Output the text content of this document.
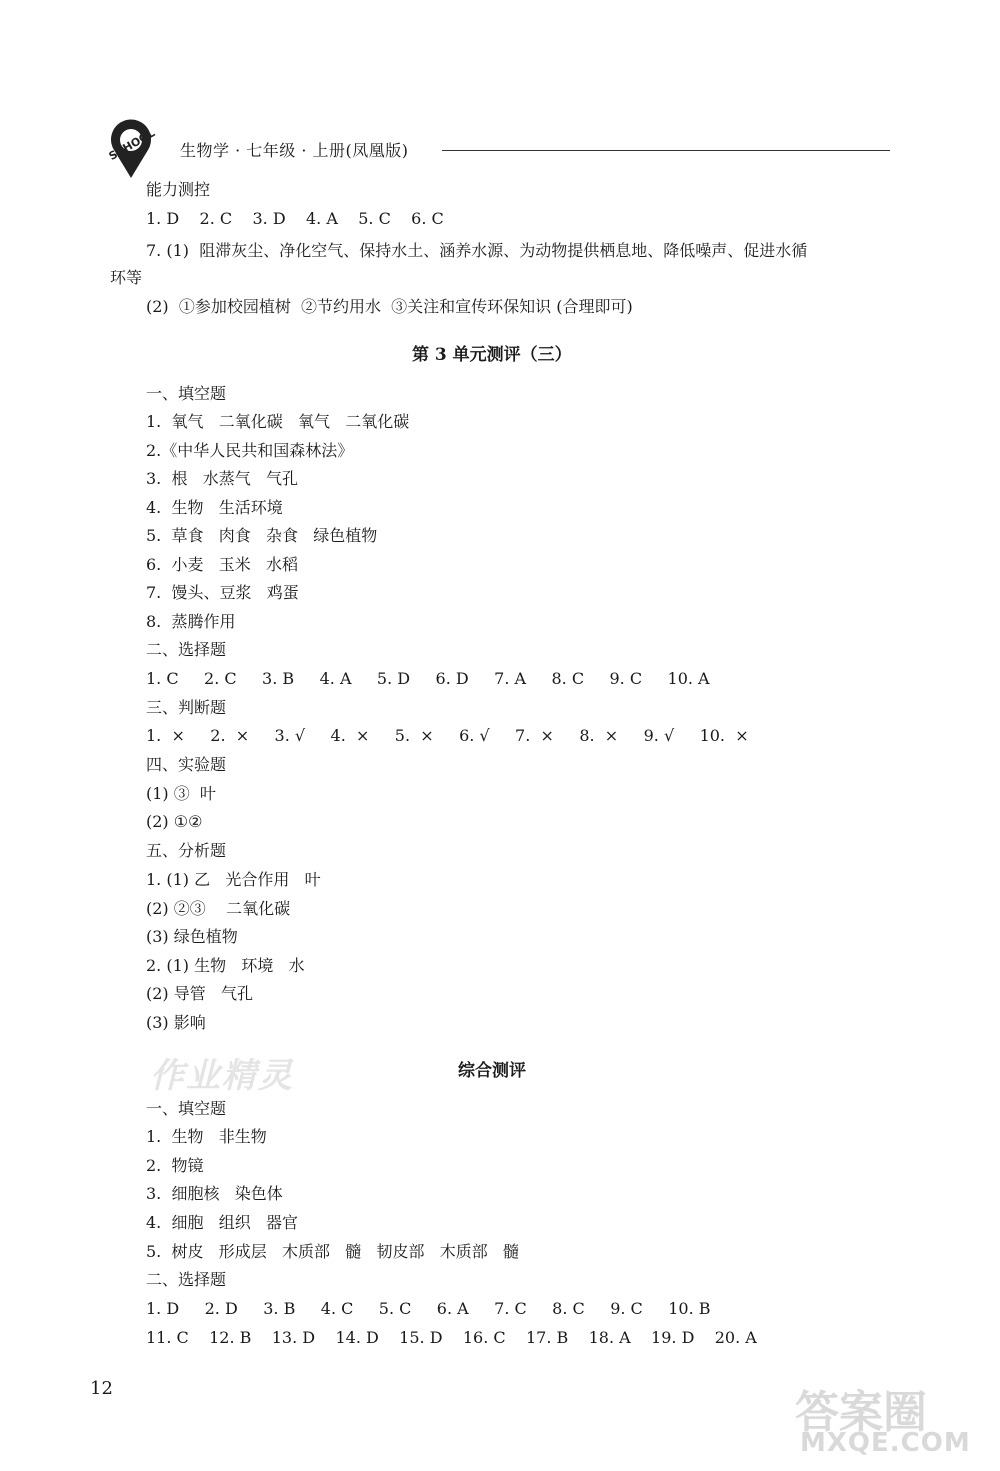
SCHOOL 生物学 · 七年级 · 上册(凤凰版)
能力测控
1. D    2. C    3. D    4. A    5. C    6. C
7. (1)  阻滞灰尘、净化空气、保持水土、涵养水源、为动物提供栖息地、降低噪声、促进水循
环等
(2)  ①参加校园植树  ②节约用水  ③关注和宣传环保知识 (合理即可)
第 3 单元测评（三）
一、填空题
1.  氧气   二氧化碳   氧气   二氧化碳
2.《中华人民共和国森林法》
3.  根   水蒸气   气孔
4.  生物   生活环境
5.  草食   肉食   杂食   绿色植物
6.  小麦   玉米   水稻
7.  馒头、豆浆   鸡蛋
8.  蒸腾作用
二、选择题
1. C     2. C     3. B     4. A     5. D     6. D     7. A     8. C     9. C     10. A
三、判断题
1.  ×     2.  ×     3. √     4.  ×     5.  ×     6. √     7.  ×     8.  ×     9. √     10.  ×
四、实验题
(1) ③  叶
(2) ①②
五、分析题
1. (1) 乙   光合作用   叶
(2) ②③    二氧化碳
(3) 绿色植物
2. (1) 生物   环境   水
(2) 导管   气孔
(3) 影响
作业精灵	综合测评
一、填空题
1.  生物   非生物
2.  物镜
3.  细胞核   染色体
4.  细胞   组织   器官
5.  树皮   形成层   木质部   髓   韧皮部   木质部   髓
二、选择题
1. D     2. D     3. B     4. C     5. C     6. A     7. C     8. C     9. C     10. B
11. C    12. B    13. D    14. D    15. D    16. C    17. B    18. A    19. D    20. A
12	答案圈
MXQE.COM
